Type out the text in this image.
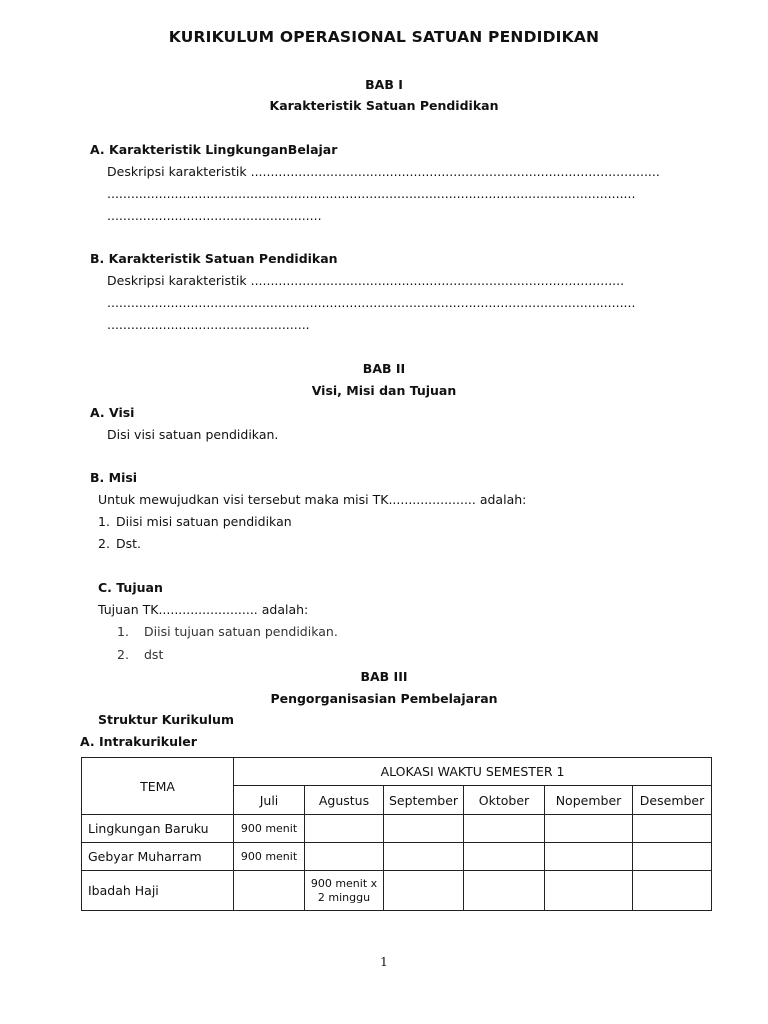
KURIKULUM OPERASIONAL SATUAN PENDIDIKAN
BAB I
Karakteristik Satuan Pendidikan
A. Karakteristik LingkunganBelajar
Deskripsi karakteristik .......................................................................................................
.....................................................................................................................................
......................................................
B. Karakteristik Satuan Pendidikan
Deskripsi karakteristik ..............................................................................................
.....................................................................................................................................
...................................................
BAB II
Visi, Misi dan Tujuan
A. Visi
Disi visi satuan pendidikan.
B. Misi
Untuk mewujudkan visi tersebut maka misi TK...................... adalah:
1. Diisi misi satuan pendidikan
2. Dst.
C. Tujuan
Tujuan TK......................... adalah:
1. Diisi tujuan satuan pendidikan.
2. dst
BAB III
Pengorganisasian Pembelajaran
Struktur Kurikulum
A. Intrakurikuler
TEMA	ALOKASI WAKTU SEMESTER 1					
	Juli	Agustus	September	Oktober	Nopember	Desember
Lingkungan Baruku	900 menit					
Gebyar Muharram	900 menit					
Ibadah Haji		900 menit x 2 minggu				
1
